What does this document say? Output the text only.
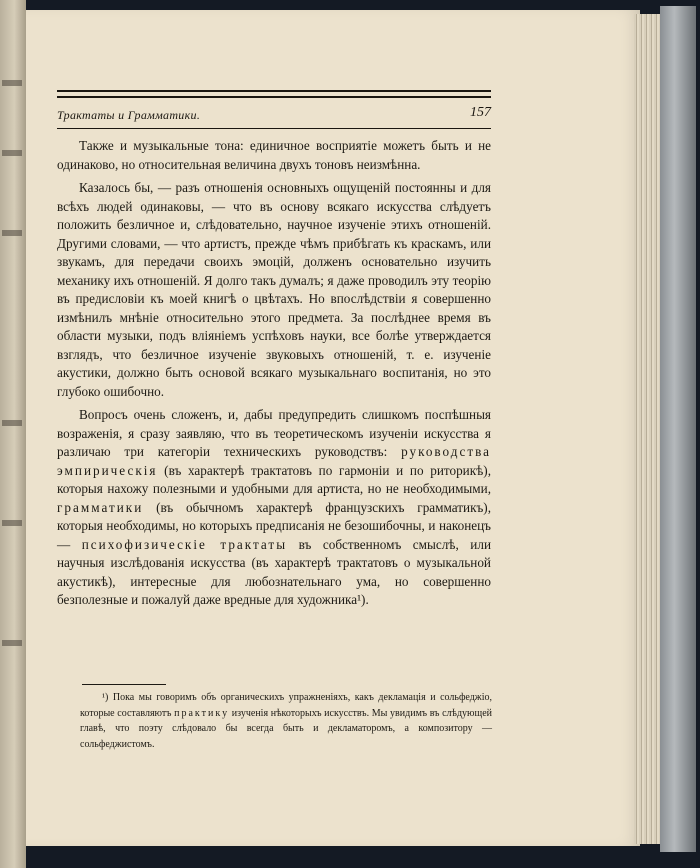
Трактаты и Грамматики.	157

Также и музыкальные тона: единичное восприятіе можетъ быть и не одинаково, но относительная величина двухъ тоновъ неизмѣнна.

Казалось бы, — разъ отношенія основныхъ ощущеній постоянны и для всѣхъ людей одинаковы, — что въ основу всякаго искусства слѣдуетъ положить безличное и, слѣдовательно, научное изученіе этихъ отношеній. Другими словами, — что артистъ, прежде чѣмъ прибѣгать къ краскамъ, или звукамъ, для передачи своихъ эмоцій, долженъ основательно изучить механику ихъ отношеній. Я долго такъ думалъ; я даже проводилъ эту теорію въ предисловіи къ моей книгѣ о цвѣтахъ. Но впослѣдствіи я совершенно измѣнилъ мнѣніе относительно этого предмета. За послѣднее время въ области музыки, подъ вліяніемъ успѣховъ науки, все болѣе утверждается взглядъ, что безличное изученіе звуковыхъ отношеній, т. е. изученіе акустики, должно быть основой всякаго музыкальнаго воспитанія, но это глубоко ошибочно.

Вопросъ очень сложенъ, и, дабы предупредить слишкомъ поспѣшныя возраженія, я сразу заявляю, что въ теоретическомъ изученіи искусства я различаю три категоріи техническихъ руководствъ: руководства эмпирическія (въ характерѣ трактатовъ по гармоніи и по риторикѣ), которыя нахожу полезными и удобными для артиста, но не необходимыми, грамматики (въ обычномъ характерѣ французскихъ грамматикъ), которыя необходимы, но которыхъ предписанія не безошибочны, и наконецъ — психофизическіе трактаты въ собственномъ смыслѣ, или научныя изслѣдованія искусства (въ характерѣ трактатовъ о музыкальной акустикѣ), интересные для любознательнаго ума, но совершенно безполезные и пожалуй даже вредные для художника¹).

¹) Пока мы говоримъ объ органическихъ упражненіяхъ, какъ декламація и сольфеджіо, которые составляютъ практику изученія нѣкоторыхъ искусствъ. Мы увидимъ въ слѣдующей главѣ, что поэту слѣдовало бы всегда быть и декламаторомъ, а композитору — сольфеджистомъ.
